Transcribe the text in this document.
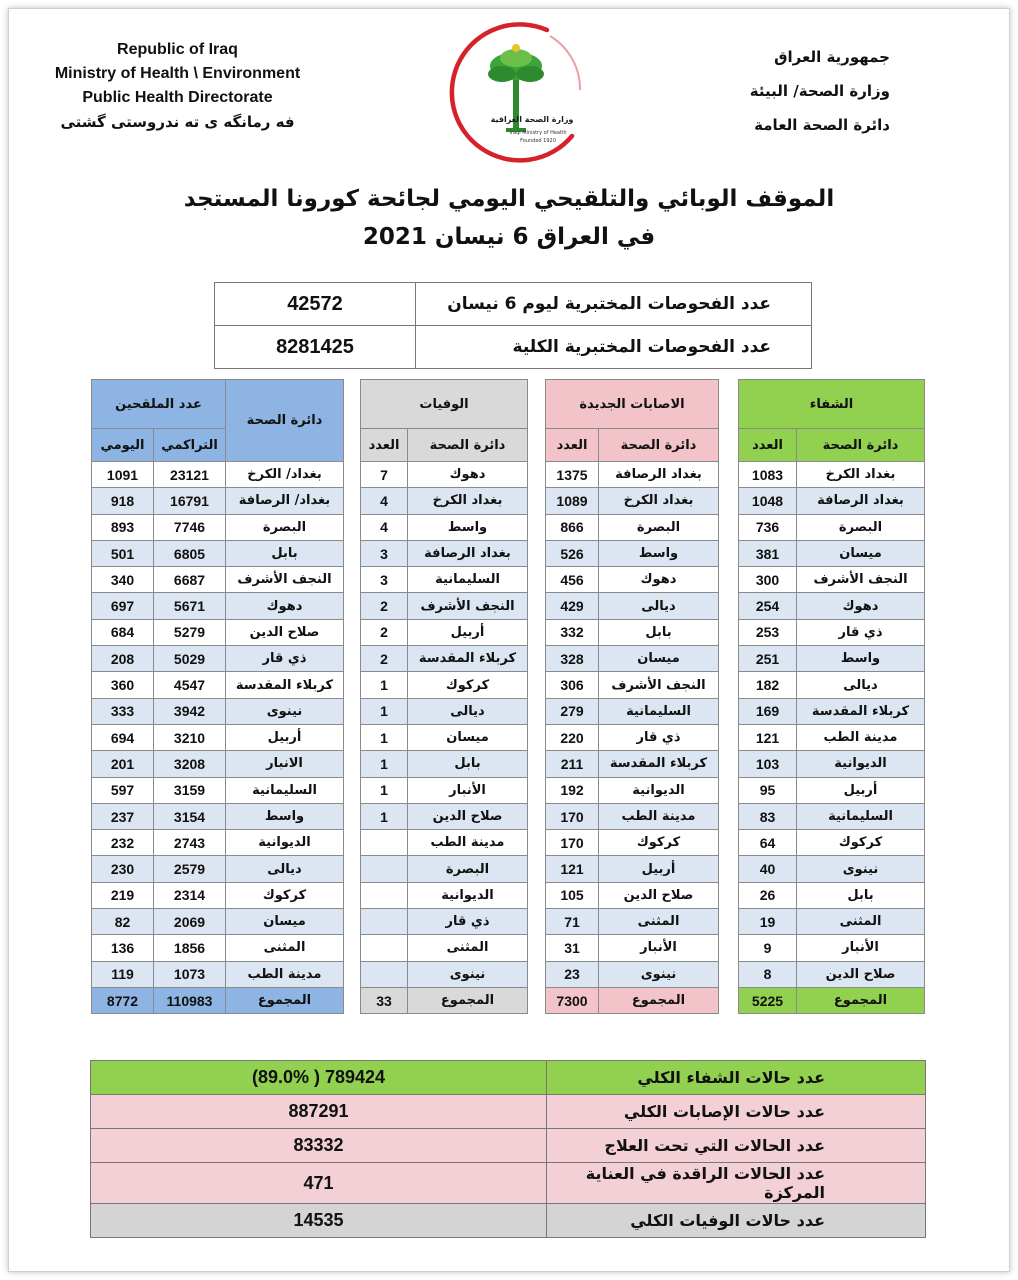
Republic of Iraq
Ministry of Health \ Environment
Public Health Directorate
فه رمانگه ی ته ندروستی گشتی
جمهورية العراق
وزارة الصحة/ البيئة
دائرة الصحة العامة
وزارة الصحة العراقية
Iraqi Ministry of Health
Founded 1920
الموقف الوبائي والتلقيحي اليومي لجائحة كورونا المستجد
في العراق 6 نيسان 2021
42572	عدد الفحوصات المختبرية ليوم 6 نيسان
8281425	عدد الفحوصات المختبرية الكلية
عدد الملقحين		دائرة الصحة
اليومي	التراكمي	
1091	23121	بغداد/ الكرخ
918	16791	بغداد/ الرصافة
893	7746	البصرة
501	6805	بابل
340	6687	النجف الأشرف
697	5671	دهوك
684	5279	صلاح الدين
208	5029	ذي قار
360	4547	كربلاء المقدسة
333	3942	نينوى
694	3210	أربيل
201	3208	الانبار
597	3159	السليمانية
237	3154	واسط
232	2743	الديوانية
230	2579	ديالى
219	2314	كركوك
82	2069	ميسان
136	1856	المثنى
119	1073	مدينة الطب
8772	110983	المجموع
الوفيات	
العدد	دائرة الصحة
7	دهوك
4	بغداد الكرخ
4	واسط
3	بغداد الرصافة
3	السليمانية
2	النجف الأشرف
2	أربيل
2	كربلاء المقدسة
1	كركوك
1	ديالى
1	ميسان
1	بابل
1	الأنبار
1	صلاح الدين
	مدينة الطب
	البصرة
	الديوانية
	ذي قار
	المثنى
	نينوى
33	المجموع
الاصابات الجديدة	
العدد	دائرة الصحة
1375	بغداد الرصافة
1089	بغداد الكرخ
866	البصرة
526	واسط
456	دهوك
429	ديالى
332	بابل
328	ميسان
306	النجف الأشرف
279	السليمانية
220	ذي قار
211	كربلاء المقدسة
192	الديوانية
170	مدينة الطب
170	كركوك
121	أربيل
105	صلاح الدين
71	المثنى
31	الأنبار
23	نينوى
7300	المجموع
الشفاء	
العدد	دائرة الصحة
1083	بغداد الكرخ
1048	بغداد الرصافة
736	البصرة
381	ميسان
300	النجف الأشرف
254	دهوك
253	ذي قار
251	واسط
182	ديالى
169	كربلاء المقدسة
121	مدينة الطب
103	الديوانية
95	أربيل
83	السليمانية
64	كركوك
40	نينوى
26	بابل
19	المثنى
9	الأنبار
8	صلاح الدين
5225	المجموع
(89.0% ) 789424	عدد حالات الشفاء الكلي
887291	عدد حالات الإصابات الكلي
83332	عدد الحالات التي تحت العلاج
471	عدد الحالات الراقدة في العناية المركزة
14535	عدد حالات الوفيات الكلي
